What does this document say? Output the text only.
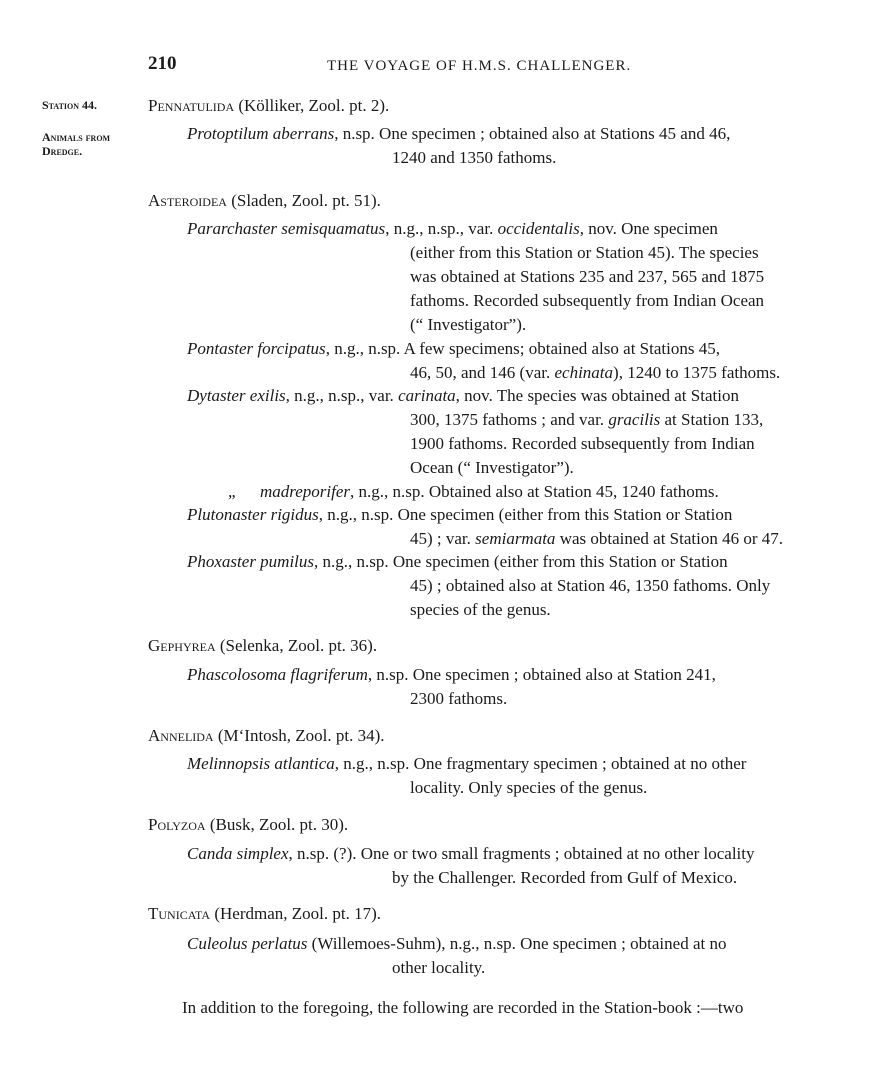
210	THE VOYAGE OF H.M.S. CHALLENGER.
Station 44.
Animals from
Dredge.
Pennatulida (Kölliker, Zool. pt. 2).
Protoptilum aberrans, n.sp. One specimen ; obtained also at Stations 45 and 46,
1240 and 1350 fathoms.
Asteroidea (Sladen, Zool. pt. 51).
Pararchaster semisquamatus, n.g., n.sp., var. occidentalis, nov. One specimen
(either from this Station or Station 45). The species
was obtained at Stations 235 and 237, 565 and 1875
fathoms. Recorded subsequently from Indian Ocean
(“ Investigator”).
Pontaster forcipatus, n.g., n.sp. A few specimens; obtained also at Stations 45,
46, 50, and 146 (var. echinata), 1240 to 1375 fathoms.
Dytaster exilis, n.g., n.sp., var. carinata, nov. The species was obtained at Station
300, 1375 fathoms ; and var. gracilis at Station 133,
1900 fathoms. Recorded subsequently from Indian
Ocean (“ Investigator”).
„ madreporifer, n.g., n.sp. Obtained also at Station 45, 1240 fathoms.
Plutonaster rigidus, n.g., n.sp. One specimen (either from this Station or Station
45) ; var. semiarmata was obtained at Station 46 or 47.
Phoxaster pumilus, n.g., n.sp. One specimen (either from this Station or Station
45) ; obtained also at Station 46, 1350 fathoms. Only
species of the genus.
Gephyrea (Selenka, Zool. pt. 36).
Phascolosoma flagriferum, n.sp. One specimen ; obtained also at Station 241,
2300 fathoms.
Annelida (M‘Intosh, Zool. pt. 34).
Melinnopsis atlantica, n.g., n.sp. One fragmentary specimen ; obtained at no other
locality. Only species of the genus.
Polyzoa (Busk, Zool. pt. 30).
Canda simplex, n.sp. (?). One or two small fragments ; obtained at no other locality
by the Challenger. Recorded from Gulf of Mexico.
Tunicata (Herdman, Zool. pt. 17).
Culeolus perlatus (Willemoes-Suhm), n.g., n.sp. One specimen ; obtained at no
other locality.
In addition to the foregoing, the following are recorded in the Station-book :—two
